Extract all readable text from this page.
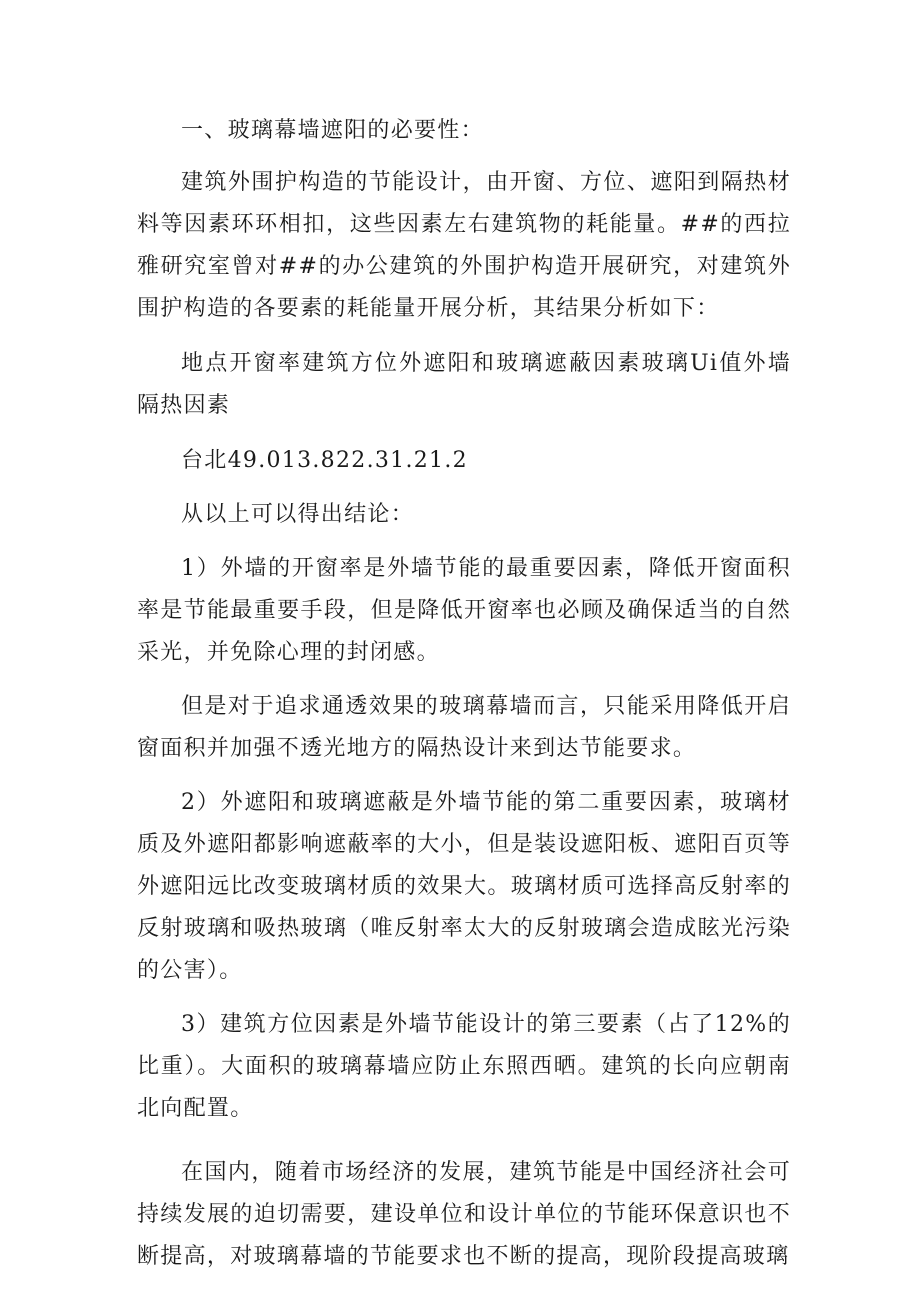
一、玻璃幕墙遮阳的必要性：

建筑外围护构造的节能设计，由开窗、方位、遮阳到隔热材料等因素环环相扣，这些因素左右建筑物的耗能量。##的西拉雅研究室曾对##的办公建筑的外围护构造开展研究，对建筑外围护构造的各要素的耗能量开展分析，其结果分析如下：

地点开窗率建筑方位外遮阳和玻璃遮蔽因素玻璃Ui值外墙隔热因素

台北49.013.822.31.21.2

从以上可以得出结论：

1）外墙的开窗率是外墙节能的最重要因素，降低开窗面积率是节能最重要手段，但是降低开窗率也必顾及确保适当的自然采光，并免除心理的封闭感。

但是对于追求通透效果的玻璃幕墙而言，只能采用降低开启窗面积并加强不透光地方的隔热设计来到达节能要求。

2）外遮阳和玻璃遮蔽是外墙节能的第二重要因素，玻璃材质及外遮阳都影响遮蔽率的大小，但是装设遮阳板、遮阳百页等外遮阳远比改变玻璃材质的效果大。玻璃材质可选择高反射率的反射玻璃和吸热玻璃（唯反射率太大的反射玻璃会造成眩光污染的公害）。

3）建筑方位因素是外墙节能设计的第三要素（占了12%的比重）。大面积的玻璃幕墙应防止东照西晒。建筑的长向应朝南北向配置。

在国内，随着市场经济的发展，建筑节能是中国经济社会可持续发展的迫切需要，建设单位和设计单位的节能环保意识也不断提高，对玻璃幕墙的节能要求也不断的提高，现阶段提高玻璃
